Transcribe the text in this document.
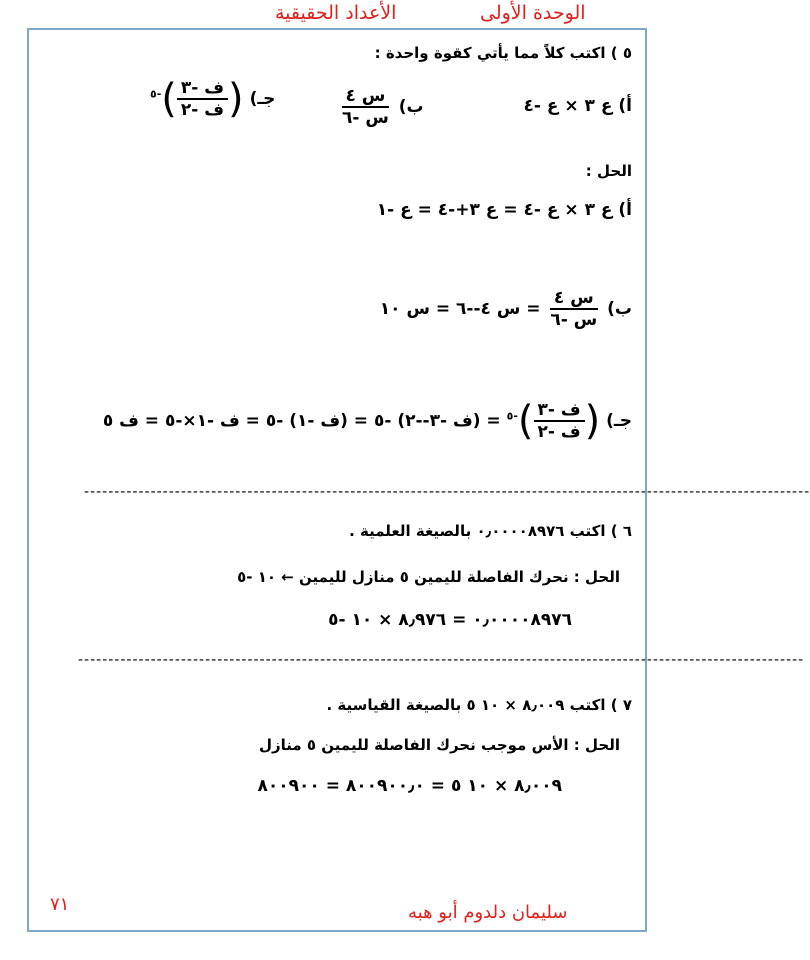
الأعداد الحقيقية	الوحدة الأولى
٥ ) اكتب كلاً مما يأتي كقوة واحدة :
أ) ع ٣ × ع -٤
ب)
$\frac{\text{س ٤}}{\text{س -٦}}$
جـ) (
$\frac{\text{ف -٣}}{\text{ف -٢}}$
)$^{-٥}$
الحل :
أ) ع ٣ × ع -٤ = ع ٣+-٤ = ع -١
ب)
$\frac{\text{س ٤}}{\text{س -٦}}$
= س ٤--٦ = س ١٠
جـ) (
$\frac{\text{ف -٣}}{\text{ف -٢}}$
)$^{-٥}$ = (ف -٣--٢) -٥ = (ف -١) -٥ = ف -١×-٥ = ف ٥
------------------------------------------------------------------------------------------------------------------------
٦ ) اكتب ٠٫٠٠٠٠٨٩٧٦ بالصيغة العلمية .
الحل : نحرك الفاصلة لليمين ٥ منازل لليمين ← ١٠ -٥
٠٫٠٠٠٠٨٩٧٦ = ٨٫٩٧٦ × ١٠ -٥
------------------------------------------------------------------------------------------------------------------------
٧ ) اكتب ٨٫٠٠٩ × ١٠ ٥ بالصيغة القياسية .
الحل : الأس موجب نحرك الفاصلة لليمين ٥ منازل
٨٫٠٠٩ × ١٠ ٥ = ٨٠٠٩٠٠٫٠ = ٨٠٠٩٠٠
سليمان دلدوم أبو هبه
٧١
